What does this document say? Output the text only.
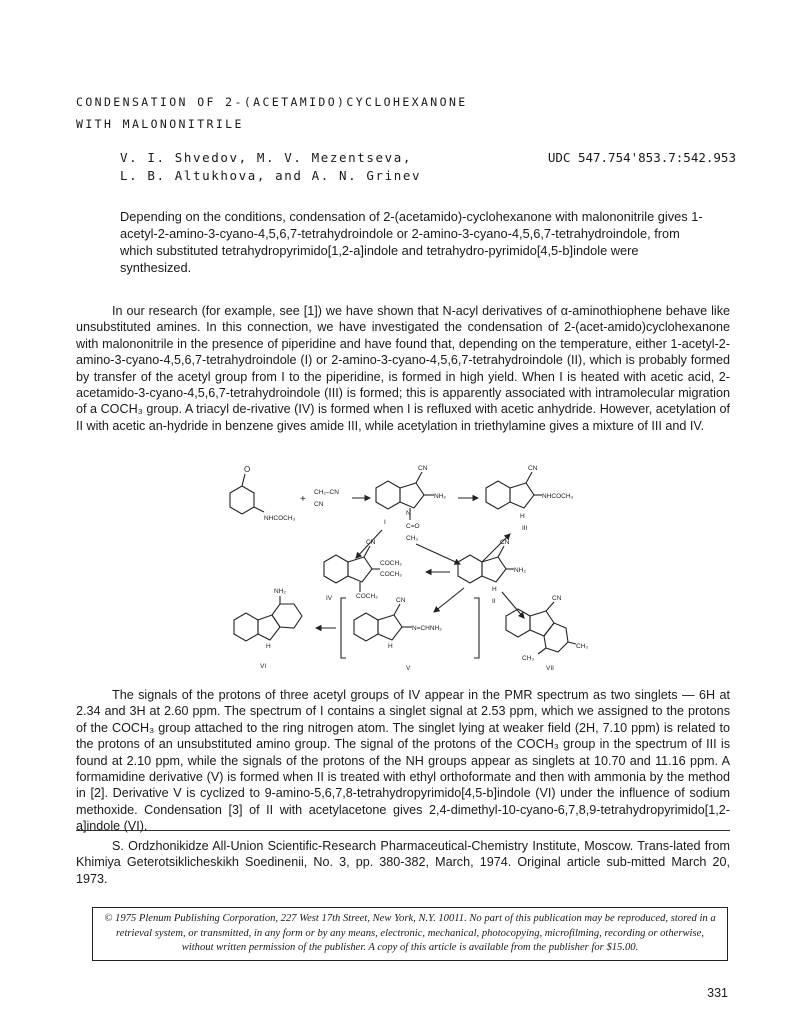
CONDENSATION OF 2-(ACETAMIDO)CYCLOHEXANONE
WITH MALONONITRILE
V. I. Shvedov, M. V. Mezentseva,
L. B. Altukhova, and A. N. Grinev
UDC 547.754'853.7:542.953
Depending on the conditions, condensation of 2-(acetamido)-cyclohexanone with malononitrile gives 1-acetyl-2-amino-3-cyano-4,5,6,7-tetrahydroindole or 2-amino-3-cyano-4,5,6,7-tetrahydroindole, from which substituted tetrahydropyrimido[1,2-a]indole and tetrahydro-pyrimido[4,5-b]indole were synthesized.

In our research (for example, see [1]) we have shown that N-acyl derivatives of α-aminothiophene behave like unsubstituted amines. In this connection, we have investigated the condensation of 2-(acet-amido)cyclohexanone with malononitrile in the presence of piperidine and have found that, depending on the temperature, either 1-acetyl-2-amino-3-cyano-4,5,6,7-tetrahydroindole (I) or 2-amino-3-cyano-4,5,6,7-tetrahydroindole (II), which is probably formed by transfer of the acetyl group from I to the piperidine, is formed in high yield. When I is heated with acetic acid, 2-acetamido-3-cyano-4,5,6,7-tetrahydroindole (III) is formed; this is apparently associated with intramolecular migration of a COCH₃ group. A triacyl de-rivative (IV) is formed when I is refluxed with acetic anhydride. However, acetylation of II with acetic an-hydride in benzene gives amide III, while acetylation in triethylamine gives a mixture of III and IV.

O
NHCOCH₃
+
CH₂–CN
CN
CN
NH₂
N
C=O
CH₃
I
CN
NHCOCH₃
H
III
CN
COCH₃
COCH₃
COCH₃
IV
CN
NH₂
H
II
NH₂
H
VI
CN
N=CHNH₂
H
V
CN
CH₃
CH₃
VII

The signals of the protons of three acetyl groups of IV appear in the PMR spectrum as two singlets — 6H at 2.34 and 3H at 2.60 ppm. The spectrum of I contains a singlet signal at 2.53 ppm, which we assigned to the protons of the COCH₃ group attached to the ring nitrogen atom. The singlet lying at weaker field (2H, 7.10 ppm) is related to the protons of an unsubstituted amino group. The signal of the protons of the COCH₃ group in the spectrum of III is found at 2.10 ppm, while the signals of the protons of the NH groups appear as singlets at 10.70 and 11.16 ppm. A formamidine derivative (V) is formed when II is treated with ethyl orthoformate and then with ammonia by the method in [2]. Derivative V is cyclized to 9-amino-5,6,7,8-tetrahydropyrimido[4,5-b]indole (VI) under the influence of sodium methoxide. Condensation [3] of II with acetylacetone gives 2,4-dimethyl-10-cyano-6,7,8,9-tetrahydropyrimido[1,2-a]indole (VI).

S. Ordzhonikidze All-Union Scientific-Research Pharmaceutical-Chemistry Institute, Moscow. Trans-lated from Khimiya Geterotsiklicheskikh Soedinenii, No. 3, pp. 380-382, March, 1974. Original article sub-mitted March 20, 1973.
© 1975 Plenum Publishing Corporation, 227 West 17th Street, New York, N.Y. 10011. No part of this publication may be reproduced, stored in a retrieval system, or transmitted, in any form or by any means, electronic, mechanical, photocopying, microfilming, recording or otherwise, without written permission of the publisher. A copy of this article is available from the publisher for $15.00.
331
